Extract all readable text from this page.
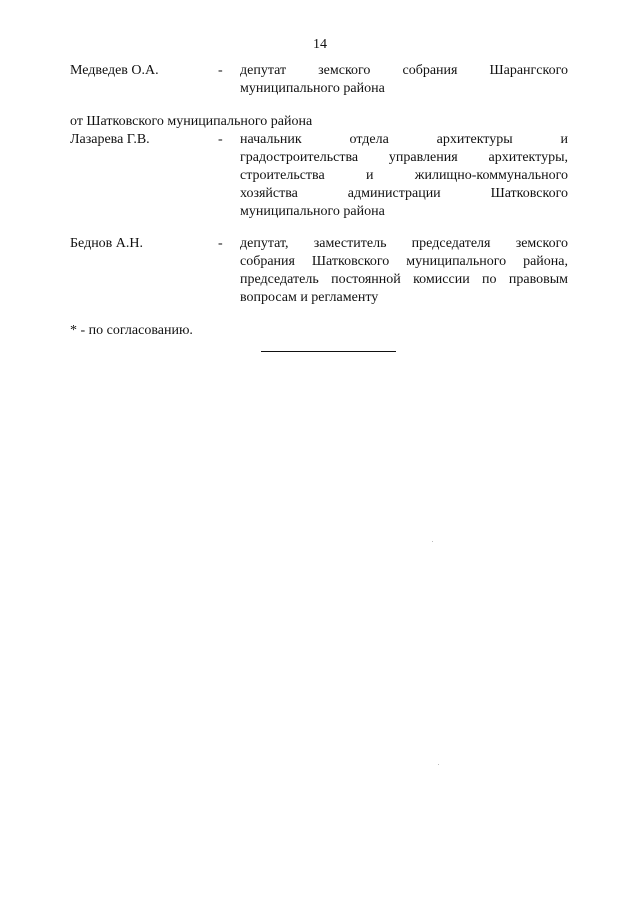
14
Медведев О.А.	- депутат земского собрания Шарангского
муниципального района
от Шатковского муниципального района
Лазарева Г.В.	- начальник отдела архитектуры и
градостроительства управления архитектуры,
строительства и жилищно-коммунального
хозяйства администрации Шатковского
муниципального района
Беднов А.Н.	- депутат, заместитель председателя земского
собрания Шатковского муниципального района,
председатель постоянной комиссии по правовым
вопросам и регламенту
* - по согласованию.
